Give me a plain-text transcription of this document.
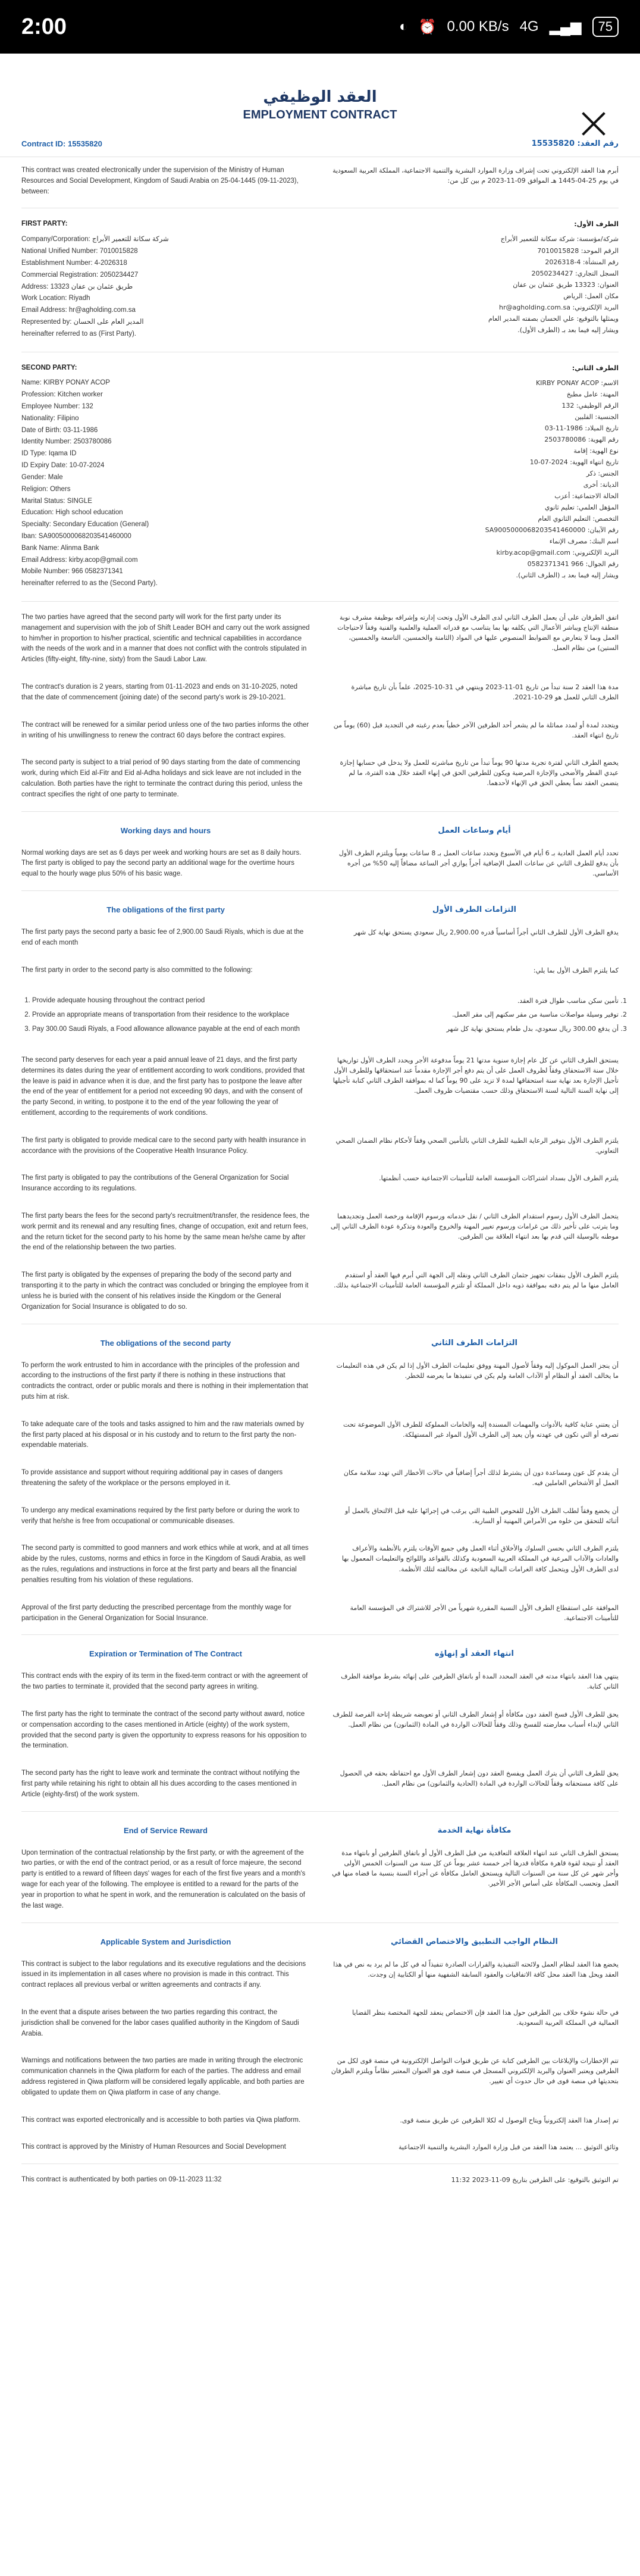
2:00	◐ ⏰ 0.00 KB/s 4G ▂▄▆	75
العقد الوظيفي
EMPLOYMENT CONTRACT
Contract ID: 15535820	رقم العقد: 15535820
This contract was created electronically under the supervision of the Ministry of Human Resources and Social Development, Kingdom of Saudi Arabia on 25-04-1445 (09-11-2023), between:
أبرم هذا العقد الإلكتروني تحت إشراف وزارة الموارد البشرية والتنمية الاجتماعية، المملكة العربية السعودية في يوم 25-04-1445 هـ الموافق 09-11-2023 م بين كل من:
FIRST PARTY:
Company/Corporation: شركة سكانة للتعمير الأبراج
National Unified Number: 7010015828
Establishment Number: 4-2026318
Commercial Registration: 2050234427
Address: 13323 طريق عثمان بن عفان
Work Location: Riyadh
Email Address: hr@agholding.com.sa
Represented by: المدير العام على الحسان
hereinafter referred to as (First Party).
الطرف الأول:
شركة/مؤسسة: شركة سكانة للتعمير الأبراج
الرقم الموحد: 7010015828
رقم المنشأة: 4-2026318
السجل التجاري: 2050234427
العنوان: 13323 طريق عثمان بن عفان
مكان العمل: الرياض
البريد الإلكتروني: hr@agholding.com.sa
ويمثلها بالتوقيع: علي الحسان بصفته المدير العام
ويشار إليه فيما بعد بـ (الطرف الأول).
SECOND PARTY:
Name: KIRBY PONAY ACOP
Profession: Kitchen worker
Employee Number: 132
Nationality: Filipino
Date of Birth: 03-11-1986
Identity Number: 2503780086
ID Type: Iqama ID
ID Expiry Date: 10-07-2024
Gender: Male
Religion: Others
Marital Status: SINGLE
Education: High school education
Specialty: Secondary Education (General)
Iban: SA9005000068203541460000
Bank Name: Alinma Bank
Email Address: kirby.acop@gmail.com
Mobile Number: 966 0582371341
hereinafter referred to as the (Second Party).
الطرف الثاني:
الاسم: KIRBY PONAY ACOP
المهنة: عامل مطبخ
الرقم الوظيفي: 132
الجنسية: الفلبين
تاريخ الميلاد: 1986-11-03
رقم الهوية: 2503780086
نوع الهوية: إقامة
تاريخ انتهاء الهوية: 2024-07-10
الجنس: ذكر
الديانة: أخرى
الحالة الاجتماعية: أعزب
المؤهل العلمي: تعليم ثانوي
التخصص: التعليم الثانوي العام
رقم الآيبان: SA9005000068203541460000
اسم البنك: مصرف الإنماء
البريد الإلكتروني: kirby.acop@gmail.com
رقم الجوال: 966 0582371341
ويشار إليه فيما بعد بـ (الطرف الثاني).
The two parties have agreed that the second party will work for the first party under its management and supervision with the job of Shift Leader BOH and carry out the work assigned to him/her in proportion to his/her practical, scientific and technical capabilities in accordance with the needs of the work and in a manner that does not conflict with the controls stipulated in Articles (fifty-eight, fifty-nine, sixty) from the Saudi Labor Law.
اتفق الطرفان على أن يعمل الطرف الثاني لدى الطرف الأول وتحت إدارته وإشرافه بوظيفة مشرف نوبة منطقة الإنتاج ويباشر الأعمال التي يكلفه بها بما يتناسب مع قدراته العملية والعلمية والفنية وفقاً لاحتياجات العمل وبما لا يتعارض مع الضوابط المنصوص عليها في المواد (الثامنة والخمسين، التاسعة والخمسين، الستين) من نظام العمل.
The contract's duration is 2 years, starting from 01-11-2023 and ends on 31-10-2025, noted that the date of commencement (joining date) of the second party's work is 29-10-2021.
مدة هذا العقد 2 سنة تبدأ من تاريخ 01-11-2023 وينتهي في 31-10-2025، علماً بأن تاريخ مباشرة الطرف الثاني للعمل هو 29-10-2021.
The contract will be renewed for a similar period unless one of the two parties informs the other in writing of his unwillingness to renew the contract 60 days before the contract expires.
ويتجدد لمدة أو لمدد مماثلة ما لم يشعر أحد الطرفين الآخر خطياً بعدم رغبته في التجديد قبل (60) يوماً من تاريخ انتهاء العقد.
The second party is subject to a trial period of 90 days starting from the date of commencing work, during which Eid al-Fitr and Eid al-Adha holidays and sick leave are not included in the calculation. Both parties have the right to terminate the contract during this period, unless the contract specifies the right of one party to terminate.
يخضع الطرف الثاني لفترة تجربة مدتها 90 يوماً تبدأ من تاريخ مباشرته للعمل ولا يدخل في حسابها إجازة عيدي الفطر والأضحى والإجازة المرضية ويكون للطرفين الحق في إنهاء العقد خلال هذه الفترة، ما لم يتضمن العقد نصاً يعطي الحق في الإنهاء لأحدهما.
Working days and hours	أيام وساعات العمل
Normal working days are set as 6 days per week and working hours are set as 8 daily hours. The first party is obliged to pay the second party an additional wage for the overtime hours equal to the hourly wage plus 50% of his basic wage.
تحدد أيام العمل العادية بـ 6 أيام في الأسبوع وتحدد ساعات العمل بـ 8 ساعات يومياً ويلتزم الطرف الأول بأن يدفع للطرف الثاني عن ساعات العمل الإضافية أجراً يوازي أجر الساعة مضافاً إليه 50% من أجره الأساسي.
The obligations of the first party	التزامات الطرف الأول
The first party pays the second party a basic fee of 2,900.00 Saudi Riyals, which is due at the end of each month
يدفع الطرف الأول للطرف الثاني أجراً أساسياً قدره 2,900.00 ريال سعودي يستحق نهاية كل شهر
The first party in order to the second party is also committed to the following:	كما يلتزم الطرف الأول بما يلي:
1. Provide adequate housing throughout the contract period
2. Provide an appropriate means of transportation from their residence to the workplace
3. Pay 300.00 Saudi Riyals, a Food allowance allowance payable at the end of each month
1. تأمين سكن مناسب طوال فترة العقد.
2. توفير وسيلة مواصلات مناسبة من مقر سكنهم إلى مقر العمل.
3. أن يدفع 300.00 ريال سعودي، بدل طعام يستحق نهاية كل شهر
The second party deserves for each year a paid annual leave of 21 days, and the first party determines its dates during the year of entitlement according to work conditions, provided that the leave is paid in advance when it is due, and the first party has to postpone the leave after the end of the year of entitlement for a period not exceeding 90 days, and with the consent of the party Second, in writing, to postpone it to the end of the year following the year of entitlement, according to the requirements of work conditions.
يستحق الطرف الثاني عن كل عام إجازة سنوية مدتها 21 يوماً مدفوعة الأجر ويحدد الطرف الأول تواريخها خلال سنة الاستحقاق وفقاً لظروف العمل على أن يتم دفع أجر الإجازة مقدماً عند استحقاقها وللطرف الأول تأجيل الإجازة بعد نهاية سنة استحقاقها لمدة لا تزيد على 90 يوماً كما له بموافقة الطرف الثاني كتابة تأجيلها إلى نهاية السنة التالية لسنة الاستحقاق وذلك حسب مقتضيات ظروف العمل.
The first party is obligated to provide medical care to the second party with health insurance in accordance with the provisions of the Cooperative Health Insurance Policy.
يلتزم الطرف الأول بتوفير الرعاية الطبية للطرف الثاني بالتأمين الصحي وفقاً لأحكام نظام الضمان الصحي التعاوني.
The first party is obligated to pay the contributions of the General Organization for Social Insurance according to its regulations.
يلتزم الطرف الأول بسداد اشتراكات المؤسسة العامة للتأمينات الاجتماعية حسب أنظمتها.
The first party bears the fees for the second party's recruitment/transfer, the residence fees, the work permit and its renewal and any resulting fines, change of occupation, exit and return fees, and the return ticket for the second party to his home by the same mean he/she came by after the end of the relationship between the two parties.
يتحمل الطرف الأول رسوم استقدام الطرف الثاني / نقل خدماته ورسوم الإقامة ورخصة العمل وتجديدهما وما يترتب على تأخير ذلك من غرامات ورسوم تغيير المهنة والخروج والعودة وتذكرة عودة الطرف الثاني إلى موطنه بالوسيلة التي قدم بها بعد انتهاء العلاقة بين الطرفين.
The first party is obligated by the expenses of preparing the body of the second party and transporting it to the party in which the contract was concluded or bringing the employee from it unless he is buried with the consent of his relatives inside the Kingdom or the General Organization for Social Insurance is obligated to do so.
يلتزم الطرف الأول بنفقات تجهيز جثمان الطرف الثاني ونقله إلى الجهة التي أبرم فيها العقد أو استقدم العامل منها ما لم يتم دفنه بموافقة ذويه داخل المملكة أو تلتزم المؤسسة العامة للتأمينات الاجتماعية بذلك.
The obligations of the second party	التزامات الطرف الثاني
To perform the work entrusted to him in accordance with the principles of the profession and according to the instructions of the first party if there is nothing in these instructions that contradicts the contract, order or public morals and there is nothing in their implementation that puts him at risk.
أن ينجز العمل الموكول إليه وفقاً لأصول المهنة ووفق تعليمات الطرف الأول إذا لم يكن في هذه التعليمات ما يخالف العقد أو النظام أو الآداب العامة ولم يكن في تنفيذها ما يعرضه للخطر.
To take adequate care of the tools and tasks assigned to him and the raw materials owned by the first party placed at his disposal or in his custody and to return to the first party the non-expendable materials.
أن يعتني عناية كافية بالأدوات والمهمات المسندة إليه والخامات المملوكة للطرف الأول الموضوعة تحت تصرفه أو التي تكون في عهدته وأن يعيد إلى الطرف الأول المواد غير المستهلكة.
To provide assistance and support without requiring additional pay in cases of dangers threatening the safety of the workplace or the persons employed in it.
أن يقدم كل عون ومساعدة دون أن يشترط لذلك أجراً إضافياً في حالات الأخطار التي تهدد سلامة مكان العمل أو الأشخاص العاملين فيه.
To undergo any medical examinations required by the first party before or during the work to verify that he/she is free from occupational or communicable diseases.
أن يخضع وفقاً لطلب الطرف الأول للفحوص الطبية التي يرغب في إجرائها عليه قبل الالتحاق بالعمل أو أثنائه للتحقق من خلوه من الأمراض المهنية أو السارية.
The second party is committed to good manners and work ethics while at work, and at all times abide by the rules, customs, norms and ethics in force in the Kingdom of Saudi Arabia, as well as the rules, regulations and instructions in force at the first party and bears all the financial penalties resulting from his violation of these regulations.
يلتزم الطرف الثاني بحسن السلوك والأخلاق أثناء العمل وفي جميع الأوقات يلتزم بالأنظمة والأعراف والعادات والآداب المرعية في المملكة العربية السعودية وكذلك بالقواعد واللوائح والتعليمات المعمول بها لدى الطرف الأول ويتحمل كافة الغرامات المالية الناتجة عن مخالفته لتلك الأنظمة.
Approval of the first party deducting the prescribed percentage from the monthly wage for participation in the General Organization for Social Insurance.
الموافقة على استقطاع الطرف الأول النسبة المقررة شهرياً من الأجر للاشتراك في المؤسسة العامة للتأمينات الاجتماعية.
Expiration or Termination of The Contract	انتهاء العقد أو إنهاؤه
This contract ends with the expiry of its term in the fixed-term contract or with the agreement of the two parties to terminate it, provided that the second party agrees in writing.
ينتهي هذا العقد بانتهاء مدته في العقد المحدد المدة أو باتفاق الطرفين على إنهائه بشرط موافقة الطرف الثاني كتابة.
The first party has the right to terminate the contract of the second party without award, notice or compensation according to the cases mentioned in Article (eighty) of the work system, provided that the second party is given the opportunity to express reasons for his opposition to the termination.
يحق للطرف الأول فسخ العقد دون مكافأة أو إشعار الطرف الثاني أو تعويضه شريطة إتاحة الفرصة للطرف الثاني لإبداء أسباب معارضته للفسخ وذلك وفقاً للحالات الواردة في المادة (الثمانون) من نظام العمل.
The second party has the right to leave work and terminate the contract without notifying the first party while retaining his right to obtain all his dues according to the cases mentioned in Article (eighty-first) of the work system.
يحق للطرف الثاني أن يترك العمل ويفسخ العقد دون إشعار الطرف الأول مع احتفاظه بحقه في الحصول على كافة مستحقاته وفقاً للحالات الواردة في المادة (الحادية والثمانون) من نظام العمل.
End of Service Reward	مكافأة نهاية الخدمة
Upon termination of the contractual relationship by the first party, or with the agreement of the two parties, or with the end of the contract period, or as a result of force majeure, the second party is entitled to a reward of fifteen days' wages for each of the first five years and a month's wage for each year of the following. The employee is entitled to a reward for the parts of the year in proportion to what he spent in work, and the remuneration is calculated on the basis of the last wage.
يستحق الطرف الثاني عند انتهاء العلاقة التعاقدية من قبل الطرف الأول أو باتفاق الطرفين أو بانتهاء مدة العقد أو نتيجة لقوة قاهرة مكافأة قدرها أجر خمسة عشر يوماً عن كل سنة من السنوات الخمس الأولى وأجر شهر عن كل سنة من السنوات التالية ويستحق العامل مكافأة عن أجزاء السنة بنسبة ما قضاه منها في العمل وتحسب المكافأة على أساس الأجر الأخير.
Applicable System and Jurisdiction	النظام الواجب التطبيق والاختصاص القضائي
This contract is subject to the labor regulations and its executive regulations and the decisions issued in its implementation in all cases where no provision is made in this contract. This contract replaces all previous verbal or written agreements and contracts if any.
يخضع هذا العقد لنظام العمل ولائحته التنفيذية والقرارات الصادرة تنفيذاً له في كل ما لم يرد به نص في هذا العقد ويحل هذا العقد محل كافة الاتفاقيات والعقود السابقة الشفهية منها أو الكتابية إن وجدت.
In the event that a dispute arises between the two parties regarding this contract, the jurisdiction shall be convened for the labor cases qualified authority in the Kingdom of Saudi Arabia.
في حالة نشوء خلاف بين الطرفين حول هذا العقد فإن الاختصاص ينعقد للجهة المختصة بنظر القضايا العمالية في المملكة العربية السعودية.
Warnings and notifications between the two parties are made in writing through the electronic communication channels in the Qiwa platform for each of the parties. The address and email address registered in Qiwa platform will be considered legally applicable, and both parties are obligated to update them on Qiwa platform in case of any change.
تتم الإخطارات والإبلاغات بين الطرفين كتابة عن طريق قنوات التواصل الإلكترونية في منصة قوى لكل من الطرفين ويعتبر العنوان والبريد الإلكتروني المسجل في منصة قوى هو العنوان المعتبر نظاماً ويلتزم الطرفان بتحديثها في منصة قوى في حال حدوث أي تغيير.
This contract was exported electronically and is accessible to both parties via Qiwa platform.	تم إصدار هذا العقد إلكترونياً ويتاح الوصول له لكلا الطرفين عن طريق منصة قوى.
This contract is approved by the Ministry of Human Resources and Social Development	وثائق التوثيق ... يعتمد هذا العقد من قبل وزارة الموارد البشرية والتنمية الاجتماعية
This contract is authenticated by both parties on 09-11-2023 11:32	تم التوثيق بالتوقيع: على الطرفين بتاريخ 09-11-2023 11:32
